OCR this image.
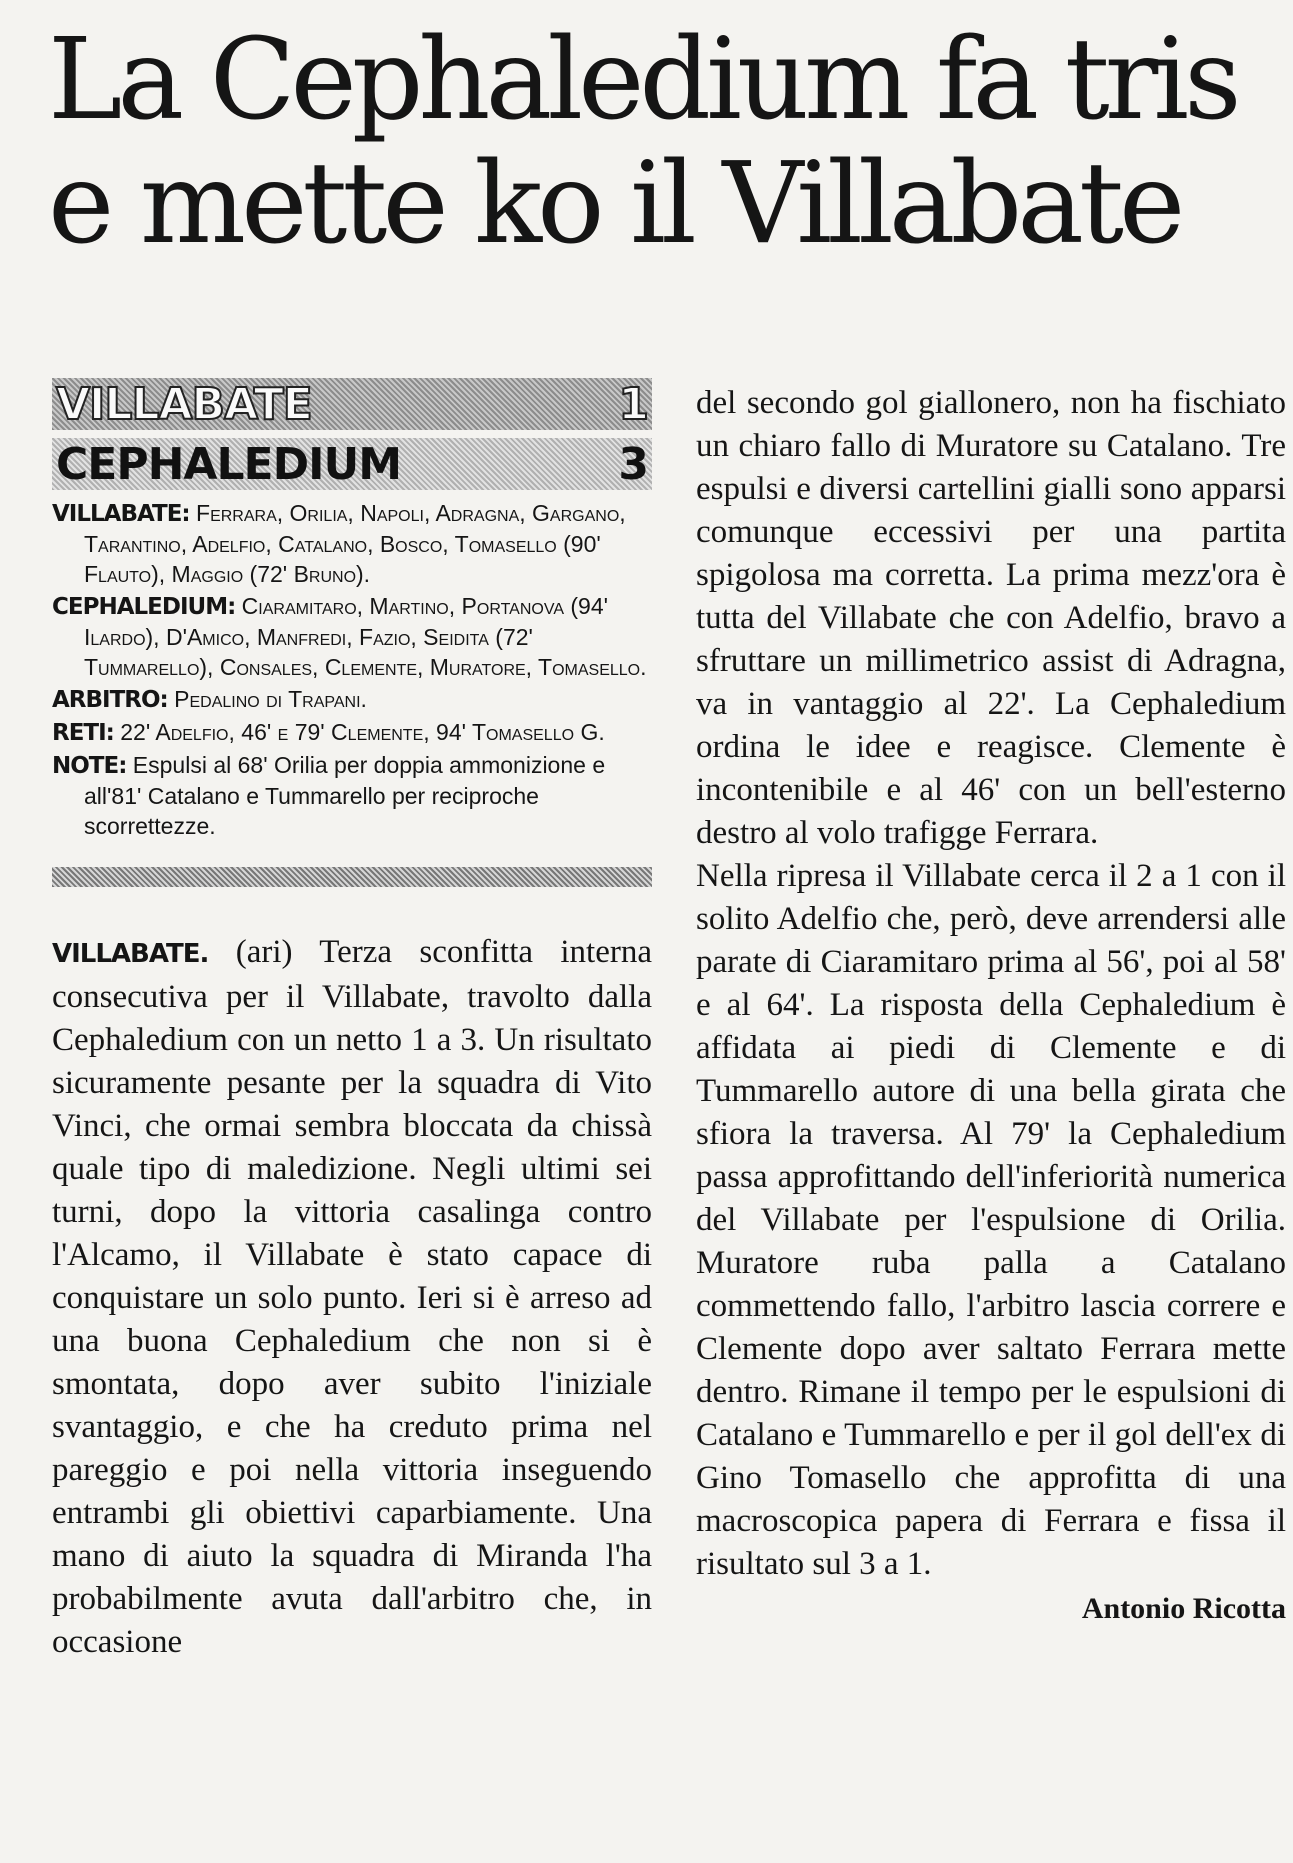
La Cephaledium fa tris
e mette ko il Villabate
VILLABATE	1
CEPHALEDIUM	3

VILLABATE: Ferrara, Orilia, Napoli, Adragna, Gargano, Tarantino, Adelfio, Catalano, Bosco, Tomasello (90' Flauto), Maggio (72' Bruno).

CEPHALEDIUM: Ciaramitaro, Martino, Portanova (94' Ilardo), D'Amico, Manfredi, Fazio, Seidita (72' Tummarello), Consales, Clemente, Muratore, Tomasello.

ARBITRO: Pedalino di Trapani.

RETI: 22' Adelfio, 46' e 79' Clemente, 94' Tomasello G.

NOTE: Espulsi al 68' Orilia per doppia ammonizione e all'81' Catalano e Tummarello per reciproche scorrettezze.

VILLABATE. (ari) Terza sconfitta interna consecutiva per il Villabate, travolto dalla Cephaledium con un netto 1 a 3. Un risultato sicuramente pesante per la squadra di Vito Vinci, che ormai sembra bloccata da chissà quale tipo di maledizione. Negli ultimi sei turni, dopo la vittoria casalinga contro l'Alcamo, il Villabate è stato capace di conquistare un solo punto. Ieri si è arreso ad una buona Cephaledium che non si è smontata, dopo aver subito l'iniziale svantaggio, e che ha creduto prima nel pareggio e poi nella vittoria inseguendo entrambi gli obiettivi caparbiamente. Una mano di aiuto la squadra di Miranda l'ha probabilmente avuta dall'arbitro che, in occasione

del secondo gol giallonero, non ha fischiato un chiaro fallo di Muratore su Catalano. Tre espulsi e diversi cartellini gialli sono apparsi comunque eccessivi per una partita spigolosa ma corretta. La prima mezz'ora è tutta del Villabate che con Adelfio, bravo a sfruttare un millimetrico assist di Adragna, va in vantaggio al 22'. La Cephaledium ordina le idee e reagisce. Clemente è incontenibile e al 46' con un bell'esterno destro al volo trafigge Ferrara.

Nella ripresa il Villabate cerca il 2 a 1 con il solito Adelfio che, però, deve arrendersi alle parate di Ciaramitaro prima al 56', poi al 58' e al 64'. La risposta della Cephaledium è affidata ai piedi di Clemente e di Tummarello autore di una bella girata che sfiora la traversa. Al 79' la Cephaledium passa approfittando dell'inferiorità numerica del Villabate per l'espulsione di Orilia. Muratore ruba palla a Catalano commettendo fallo, l'arbitro lascia correre e Clemente dopo aver saltato Ferrara mette dentro. Rimane il tempo per le espulsioni di Catalano e Tummarello e per il gol dell'ex di Gino Tomasello che approfitta di una macroscopica papera di Ferrara e fissa il risultato sul 3 a 1.

Antonio Ricotta
